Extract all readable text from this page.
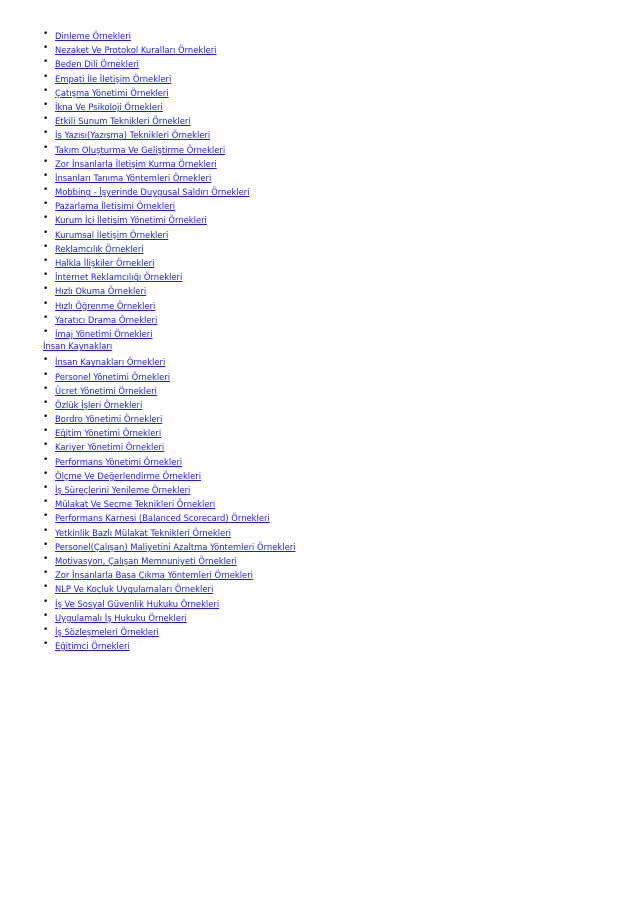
• Dinleme Örnekleri
• Nezaket Ve Protokol Kuralları Örnekleri
• Beden Dili Örnekleri
• Empati İle İletişim Örnekleri
• Çatışma Yönetimi Örnekleri
• İkna Ve Psikoloji Örnekleri
• Etkili Sunum Teknikleri Örnekleri
• İş Yazısı(Yazışma) Teknikleri Örnekleri
• Takım Oluşturma Ve Geliştirme Örnekleri
• Zor İnsanlarla İletişim Kurma Örnekleri
• İnsanları Tanıma Yöntemleri Örnekleri
• Mobbing - İşyerinde Duygusal Saldırı Örnekleri
• Pazarlama İletişimi Örnekleri
• Kurum İçi İletişim Yönetimi Örnekleri
• Kurumsal İletişim Örnekleri
• Reklamcılık Örnekleri
• Halkla İlişkiler Örnekleri
• İnternet Reklamcılığı Örnekleri
• Hızlı Okuma Örnekleri
• Hızlı Öğrenme Örnekleri
• Yaratıcı Drama Örnekleri
• İmaj Yönetimi Örnekleri
İnsan Kaynakları
• İnsan Kaynakları Örnekleri
• Personel Yönetimi Örnekleri
• Ücret Yönetimi Örnekleri
• Özlük İşleri Örnekleri
• Bordro Yönetimi Örnekleri
• Eğitim Yönetimi Örnekleri
• Kariyer Yönetimi Örnekleri
• Performans Yönetimi Örnekleri
• Ölçme Ve Değerlendirme Örnekleri
• İş Süreçlerini Yenileme Örnekleri
• Mülakat Ve Seçme Teknikleri Örnekleri
• Performans Karnesi (Balanced Scorecard) Örnekleri
• Yetkinlik Bazlı Mülakat Teknikleri Örnekleri
• Personel(Çalışan) Maliyetini Azaltma Yöntemleri Örnekleri
• Motivasyon, Çalışan Memnuniyeti Örnekleri
• Zor İnsanlarla Başa Çıkma Yöntemleri Örnekleri
• NLP Ve Koçluk Uygulamaları Örnekleri
• İş Ve Sosyal Güvenlik Hukuku Örnekleri
• Uygulamalı İş Hukuku Örnekleri
• İş Sözleşmeleri Örnekleri
• Eğitimci Örnekleri
